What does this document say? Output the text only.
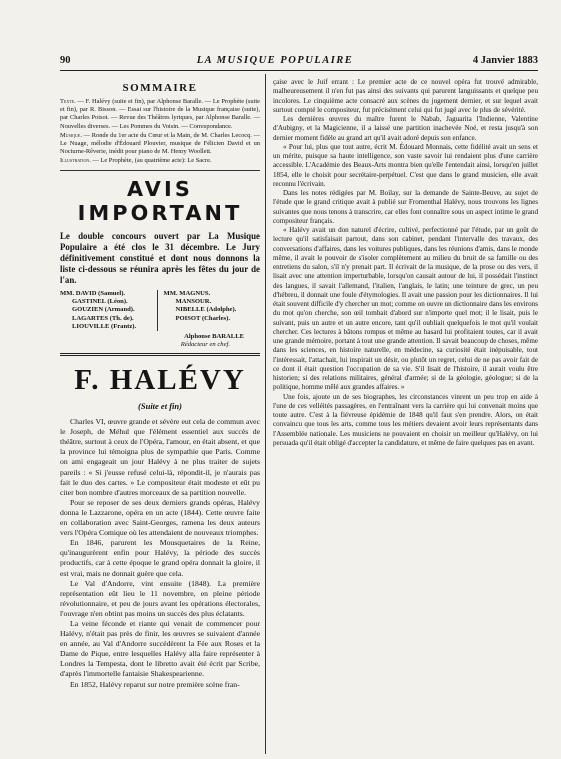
90	LA MUSIQUE POPULAIRE	4 Janvier 1883
SOMMAIRE

Texte. — F. Halévy (suite et fin), par Alphonse Baralle. — Le Prophète (suite et fin), par R. Bisson. — Essai sur l'histoire de la Musique française (suite), par Charles Poisot. — Revue des Théâtres lyriques, par Alphonse Baralle. — Nouvelles diverses. — Les Pommes du Voisin. — Correspondance.

Musique. — Ronde du 1er acte du Cœur et la Main, de M. Charles Lecocq. — Le Nuage, mélodie d'Édouard Plouvier, musique de Félicien David et un Nocturne-Rêverie, inédit pour piano de M. Henry Woollett.

Illustration. — Le Prophète, (au quatrième acte): Le Sacre.

AVIS IMPORTANT

Le double concours ouvert par La Musique Populaire a été clos le 31 décembre. Le Jury définitivement constitué et dont nous donnons la liste ci-dessous se réunira après les fêtes du jour de l'an.

MM. DAVID (Samuel).
GASTINEL (Léon).
GOUZIEN (Armand).
LAGARTES (Th. de).
LIOUVILLE (Frantz).
MM. MAGNUS.
MANSOUR.
NIBELLE (Adolphe).
POISOT (Charles).
Alphonse BARALLE
Rédacteur en chef.
F. HALÉVY
(Suite et fin)

Charles VI, œuvre grande et sévère eut cela de commun avec le Joseph, de Méhul que l'élément essentiel aux succès de théâtre, surtout à ceux de l'Opéra, l'amour, en était absent, et que la province lui témoigna plus de sympathie que Paris. Comme on ami engageait un jour Halévy à ne plus traiter de sujets pareils : « Si j'eusse refusé celui-là, répondit-il, je n'aurais pas fait le duo des cartes. » Le compositeur était modeste et eût pu citer bon nombre d'autres morceaux de sa partition nouvelle.

Pour se reposer de ses deux derniers grands opéras, Halévy donna le Lazzarone, opéra en un acte (1844). Cette œuvre faite en collaboration avec Saint-Georges, ramena les deux auteurs vers l'Opéra Comique où les attendaient de nouveaux triomphes.

En 1846, parurent les Mousquetaires de la Reine, qu'inaugurèrent enfin pour Halévy, la période des succès productifs, car à cette époque le grand opéra donnait la gloire, il est vrai, mais ne donnait guère que cela.

Le Val d'Andorre, vint ensuite (1848). La première représentation eût lieu le 11 novembre, en pleine période révolutionnaire, et peu de jours avant les opérations électorales, l'ouvrage n'en obtint pas moins un succès des plus éclatants.

La veine féconde et riante qui venait de commencer pour Halévy, n'était pas près de finir, les œuvres se suivaient d'année en année, au Val d'Andorre succédèrent la Fée aux Roses et la Dame de Pique, entre lesquelles Halévy alla faire représenter à Londres la Tempesta, dont le libretto avait été écrit par Scribe, d'après l'immortelle fantaisie Shakespearienne.

En 1852, Halévy reparut sur notre première scène fran-

çaise avec le Juif errant : Le premier acte de ce nouvel opéra fut trouvé admirable, malheureusement il n'en fut pas ainsi des suivants qui parurent languissants et quelque peu incolores. Le cinquième acte consacré aux scènes du jugement dernier, et sur lequel avait surtout compté le compositeur, fut précisément celui qui fut jugé avec le plus de sévérité.

Les dernières œuvres du maître furent le Nabab, Jaguarita l'Indienne, Valentine d'Aubigny, et la Magicienne, il a laissé une partition inachevée Noé, et resta jusqu'à son dernier moment fidèle au grand art qu'il avait adoré depuis son enfance.

« Pour lui, plus que tout autre, écrit M. Édouard Monnais, cette fidélité avait un sens et un mérite, puisque sa haute intelligence, son vaste savoir lui rendaient plus d'une carrière accessible. L'Académie des Beaux-Arts montra bien qu'elle l'entendait ainsi, lorsqu'en juillet 1854, elle le choisit pour secrétaire-perpétuel. C'est que dans le grand musicien, elle avait reconnu l'écrivain.

Dans les notes rédigées par M. Boilay, sur la demande de Sainte-Beuve, au sujet de l'étude que le grand critique avait à publié sur Fromenthal Halévy, nous trouvons les lignes suivantes que nous tenons à transcrire, car elles font connaître sous un aspect intime le grand compositeur français.

« Halévy avait un don naturel d'écrire, cultivé, perfectionné par l'étude, par un goût de lecture qu'il satisfaisait partout, dans son cabinet, pendant l'intervalle des travaux, des conversations d'affaires, dans les voitures publiques, dans les réunions d'amis, dans le monde même, il avait le pouvoir de s'isoler complètement au milieu du bruit de sa famille ou des entretiens du salon, s'il n'y prenait part. Il écrivait de la musique, de la prose ou des vers, il lisait avec une attention imperturbable, lorsqu'on causait autour de lui, il possédait l'instinct des langues, il savait l'allemand, l'italien, l'anglais, le latin; une teinture de grec, un peu d'hébreu, il donnait une foule d'étymologies. Il avait une passion pour les dictionnaires. Il lui était souvent difficile d'y chercher un mot; comme on ouvre un dictionnaire dans les environs du mot qu'on cherche, son œil tombait d'abord sur n'importe quel mot; il le lisait, puis le suivant, puis un autre et un autre encore, tant qu'il oubliait quelquefois le mot qu'il voulait chercher. Ces lectures à bâtons rompus et même au hasard lui profitaient toutes, car il avait une grande mémoire, portant à tout une grande attention. Il savait beaucoup de choses, même dans les sciences, en histoire naturelle, en médecine, sa curiosité était inépuisable, tout l'intéressait, l'attachait, lui inspirait un désir, ou plutôt un regret, celui de ne pas avoir fait de ce dont il était question l'occupation de sa vie. S'il lisait de l'histoire, il aurait voulu être historien; si des relations militaires, général d'armée; si de la géologie, géologue; si de la politique, homme mêlé aux grandes affaires. »

Une fois, ajoute un de ses biographes, les circonstances vinrent un peu trop en aide à l'une de ces velléités passagères, en l'entraînant vers la carrière qui lui convenait moins que toute autre. C'est à la fiévreuse épidémie de 1848 qu'il faut s'en prendre. Alors, on était convaincu que tous les arts, comme tous les métiers devaient avoir leurs représentants dans l'Assemblée nationale. Les musiciens ne pouvaient en choisir un meilleur qu'Halévy, on lui persuada qu'il était obligé d'accepter la candidature, et même de faire quelques pas en avant.
